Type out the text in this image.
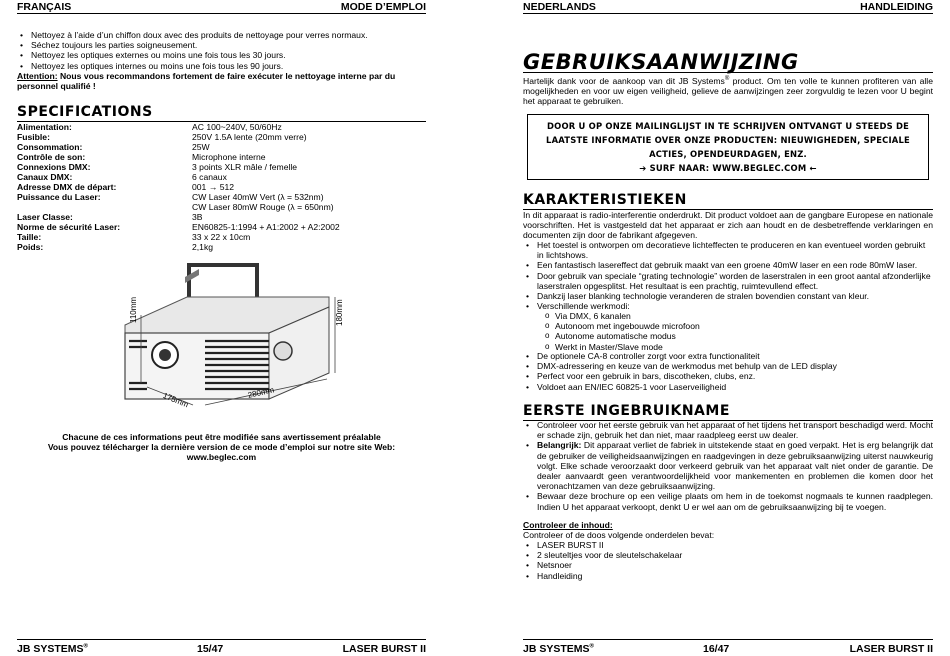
FRANÇAIS	MODE D’EMPLOI
• Nettoyez à l’aide d’un chiffon doux avec des produits de nettoyage pour verres normaux.
• Séchez toujours les parties soigneusement.
• Nettoyez les optiques externes ou moins une fois tous les 30 jours.
• Nettoyez les optiques internes ou moins une fois tous les 90 jours.
Attention: Nous vous recommandons fortement de faire exécuter le nettoyage interne par du
personnel qualifié !
SPECIFICATIONS
Alimentation:	AC 100~240V, 50/60Hz
Fusible:	250V 1.5A lente (20mm verre)
Consommation:	25W
Contrôle de son:	Microphone interne
Connexions DMX:	3 points XLR mâle / femelle
Canaux DMX:	6 canaux
Adresse DMX de départ:	001 → 512
Puissance du Laser:	CW Laser 40mW Vert (λ = 532nm)
CW Laser 80mW Rouge (λ = 650nm)
Laser Classe:	3B
Norme de sécurité Laser:	EN60825-1:1994 + A1:2002 + A2:2002
Taille:	33 x 22 x 10cm
Poids:	2,1kg
110mm	180mm
175mm	280mm
Chacune de ces informations peut être modifiée sans avertissement préalable
Vous pouvez télécharger la dernière version de ce mode d’emploi sur notre site Web:
www.beglec.com
JB SYSTEMS®	15/47	LASER BURST II
NEDERLANDS	HANDLEIDING
GEBRUIKSAANWIJZING
Hartelijk dank voor de aankoop van dit JB Systems® product. Om ten volle te kunnen profiteren van alle mogelijkheden en voor uw eigen veiligheid, gelieve de aanwijzingen zeer zorgvuldig te lezen voor U begint het apparaat te gebruiken.
DOOR U OP ONZE MAILINGLIJST IN TE SCHRIJVEN ONTVANGT U STEEDS DE
LAATSTE INFORMATIE OVER ONZE PRODUCTEN: NIEUWIGHEDEN, SPECIALE
ACTIES, OPENDEURDAGEN, ENZ.
➔ SURF NAAR: WWW.BEGLEC.COM ←
KARAKTERISTIEKEN
In dit apparaat is radio-interferentie onderdrukt. Dit product voldoet aan de gangbare Europese en nationale voorschriften. Het is vastgesteld dat het apparaat er zich aan houdt en de desbetreffende verklaringen en documenten zijn door de fabrikant afgegeven.
• Het toestel is ontworpen om decoratieve lichteffecten te produceren en kan eventueel worden gebruikt in lichtshows.
• Een fantastisch lasereffect dat gebruik maakt van een groene 40mW laser en een rode 80mW laser.
• Door gebruik van speciale “grating technologie” worden de laserstralen in een groot aantal afzonderlijke laserstralen opgesplitst. Het resultaat is een prachtig, ruimtevullend effect.
• Dankzij laser blanking technologie veranderen de stralen bovendien constant van kleur.
• Verschillende werkmodi:
o Via DMX, 6 kanalen
o Autonoom met ingebouwde microfoon
o Autonome automatische modus
o Werkt in Master/Slave mode
• De optionele CA-8 controller zorgt voor extra functionaliteit
• DMX-adressering en keuze van de werkmodus met behulp van de LED display
• Perfect voor een gebruik in bars, discotheken, clubs, enz.
• Voldoet aan EN/IEC 60825-1 voor Laserveiligheid
EERSTE INGEBRUIKNAME
• Controleer voor het eerste gebruik van het apparaat of het tijdens het transport beschadigd werd. Mocht er schade zijn, gebruik het dan niet, maar raadpleeg eerst uw dealer.
• Belangrijk: Dit apparaat verliet de fabriek in uitstekende staat en goed verpakt. Het is erg belangrijk dat de gebruiker de veiligheidsaanwijzingen en raadgevingen in deze gebruiksaanwijzing uiterst nauwkeurig volgt. Elke schade veroorzaakt door verkeerd gebruik van het apparaat valt niet onder de garantie. De dealer aanvaardt geen verantwoordelijkheid voor mankementen en problemen die komen door het veronachtzamen van deze gebruiksaanwijzing.
• Bewaar deze brochure op een veilige plaats om hem in de toekomst nogmaals te kunnen raadplegen. Indien U het apparaat verkoopt, denkt U er wel aan om de gebruiksaanwijzing bij te voegen.
Controleer de inhoud:
Controleer of de doos volgende onderdelen bevat:
• LASER BURST II
• 2 sleuteltjes voor de sleutelschakelaar
• Netsnoer
• Handleiding
JB SYSTEMS®	16/47	LASER BURST II
